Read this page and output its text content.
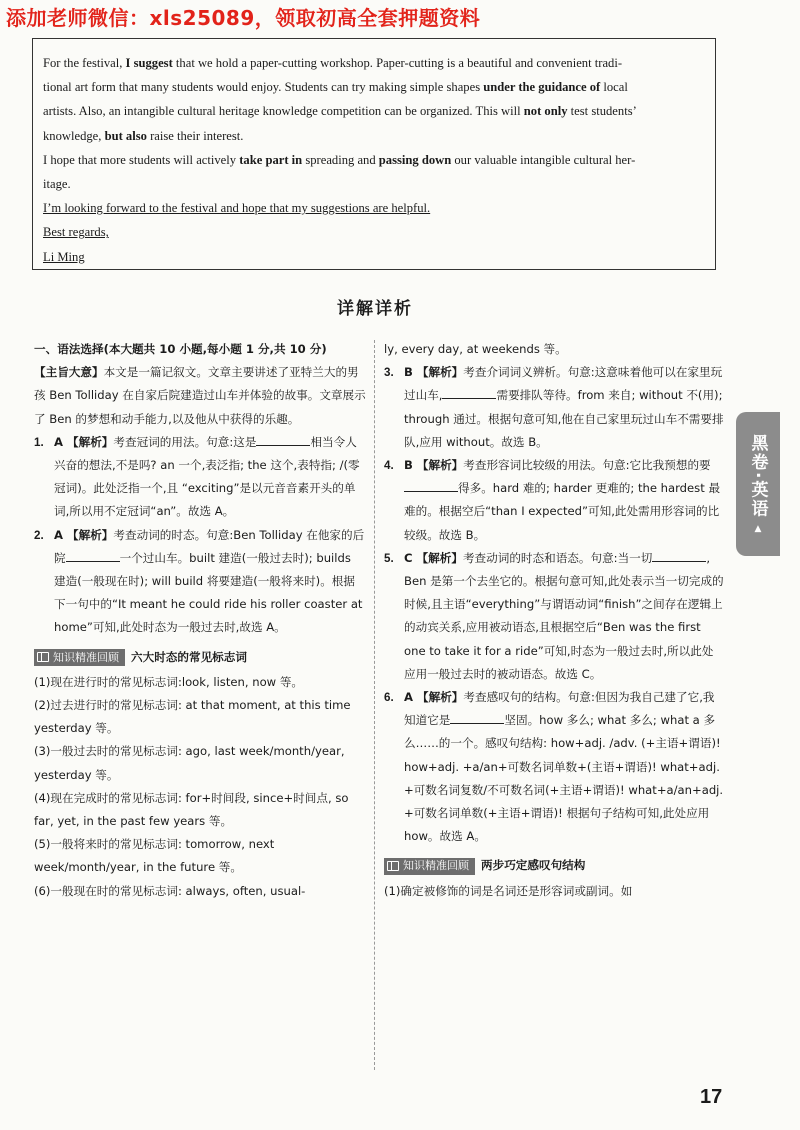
添加老师微信：xls25089，领取初高全套押题资料

For the festival, I suggest that we hold a paper-cutting workshop. Paper-cutting is a beautiful and convenient tradi-

tional art form that many students would enjoy. Students can try making simple shapes under the guidance of local

artists. Also, an intangible cultural heritage knowledge competition can be organized. This will not only test students’

knowledge, but also raise their interest.

I hope that more students will actively take part in spreading and passing down our valuable intangible cultural her-

itage.

I’m looking forward to the festival and hope that my suggestions are helpful.

Best regards,

Li Ming

详解详析

一、语法选择(本大题共 10 小题,每小题 1 分,共 10 分)

【主旨大意】本文是一篇记叙文。文章主要讲述了亚特兰大的男孩 Ben Tolliday 在自家后院建造过山车并体验的故事。文章展示了 Ben 的梦想和动手能力,以及他从中获得的乐趣。

1. A 【解析】考查冠词的用法。句意:这是	相当令人兴奋的想法,不是吗? an 一个,表泛指; the 这个,表特指; /(零冠词)。此处泛指一个,且 “exciting”是以元音音素开头的单词,所以用不定冠词“an”。故选 A。
2. A 【解析】考查动词的时态。句意:Ben Tolliday 在他家的后院	一个过山车。built 建造(一般过去时); builds 建造(一般现在时); will build 将要建造(一般将来时)。根据下一句中的“It meant he could ride his roller coaster at home”可知,此处时态为一般过去时,故选 A。
知识精准回顾 六大时态的常见标志词

(1)现在进行时的常见标志词:look, listen, now 等。

(2)过去进行时的常见标志词: at that moment, at this time yesterday 等。

(3)一般过去时的常见标志词: ago, last week/month/year, yesterday 等。

(4)现在完成时的常见标志词: for+时间段, since+时间点, so far, yet, in the past few years 等。

(5)一般将来时的常见标志词: tomorrow, next week/month/year, in the future 等。

(6)一般现在时的常见标志词: always, often, usual-

ly, every day, at weekends 等。

3. B 【解析】考查介词词义辨析。句意:这意味着他可以在家里玩过山车,	需要排队等待。from 来自; without 不(用); through 通过。根据句意可知,他在自己家里玩过山车不需要排队,应用 without。故选 B。
4. B 【解析】考查形容词比较级的用法。句意:它比我预想的要得多。hard 难的; harder 更难的; the hardest 最难的。根据空后“than I expected”可知,此处需用形容词的比较级。故选 B。
5. C 【解析】考查动词的时态和语态。句意:当一切	, Ben 是第一个去坐它的。根据句意可知,此处表示当一切完成的时候,且主语“everything”与谓语动词“finish”之间存在逻辑上的动宾关系,应用被动语态,且根据空后“Ben was the first one to take it for a ride”可知,时态为一般过去时,所以此处应用一般过去时的被动语态。故选 C。
6. A 【解析】考查感叹句的结构。句意:但因为我自己建了它,我知道它是	坚固。how 多么; what 多么; what a 多么……的一个。感叹句结构: how+adj. /adv. (+主语+谓语)! how+adj. +a/an+可数名词单数+(主语+谓语)! what+adj. +可数名词复数/不可数名词(+主语+谓语)! what+a/an+adj. +可数名词单数(+主语+谓语)! 根据句子结构可知,此处应用 how。故选 A。
知识精准回顾 两步巧定感叹句结构

(1)确定被修饰的词是名词还是形容词或副词。如

黑卷·英语
▲
17
